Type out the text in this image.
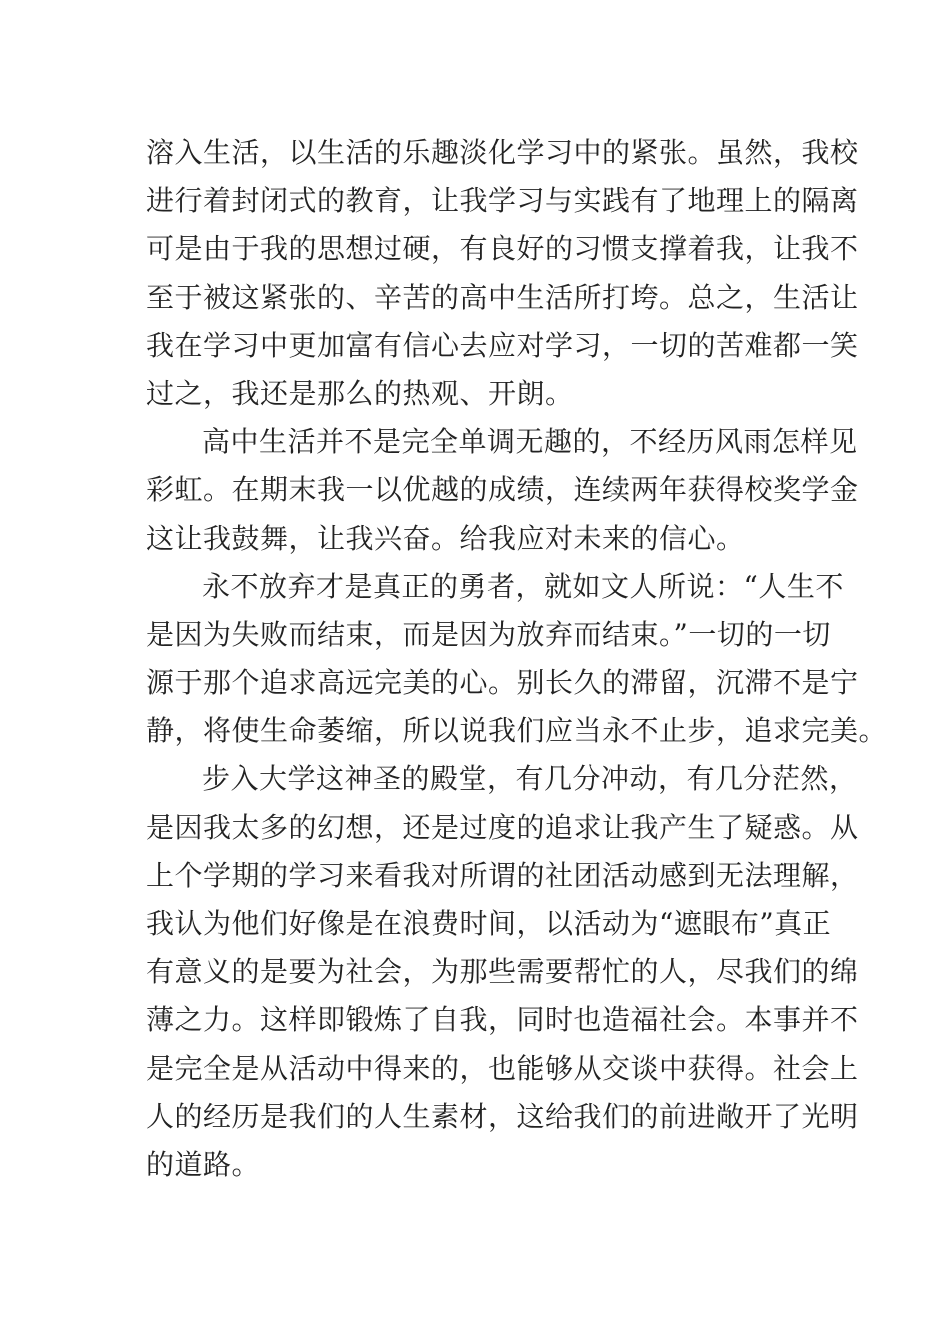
溶入生活，以生活的乐趣淡化学习中的紧张。虽然，我校
进行着封闭式的教育，让我学习与实践有了地理上的隔离
可是由于我的思想过硬，有良好的习惯支撑着我，让我不
至于被这紧张的、辛苦的高中生活所打垮。总之，生活让
我在学习中更加富有信心去应对学习，一切的苦难都一笑
过之，我还是那么的热观、开朗。
高中生活并不是完全单调无趣的，不经历风雨怎样见
彩虹。在期末我一以优越的成绩，连续两年获得校奖学金
这让我鼓舞，让我兴奋。给我应对未来的信心。
永不放弃才是真正的勇者，就如文人所说：“人生不
是因为失败而结束，而是因为放弃而结束。”一切的一切
源于那个追求高远完美的心。别长久的滞留，沉滞不是宁
静，将使生命萎缩，所以说我们应当永不止步，追求完美。
步入大学这神圣的殿堂，有几分冲动，有几分茫然，
是因我太多的幻想，还是过度的追求让我产生了疑惑。从
上个学期的学习来看我对所谓的社团活动感到无法理解，
我认为他们好像是在浪费时间，以活动为“遮眼布”真正
有意义的是要为社会，为那些需要帮忙的人，尽我们的绵
薄之力。这样即锻炼了自我，同时也造福社会。本事并不
是完全是从活动中得来的，也能够从交谈中获得。社会上
人的经历是我们的人生素材，这给我们的前进敞开了光明
的道路。
